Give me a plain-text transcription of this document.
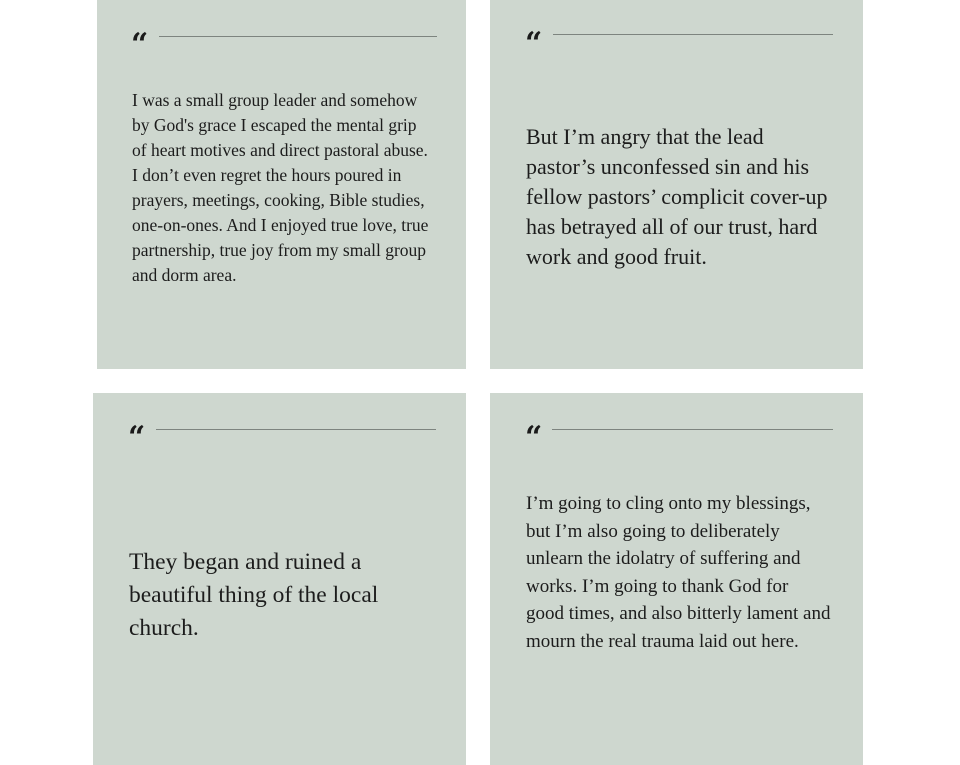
“

I was a small group leader and somehow by God's grace I escaped the mental grip of heart motives and direct pastoral abuse. I don’t even regret the hours poured in prayers, meetings, cooking, Bible studies, one-on-ones. And I enjoyed true love, true partnership, true joy from my small group and dorm area.

“

But I’m angry that the lead pastor’s unconfessed sin and his fellow pastors’ complicit cover-up has betrayed all of our trust, hard work and good fruit.

“

They began and ruined a beautiful thing of the local church.

“

I’m going to cling onto my blessings, but I’m also going to deliberately unlearn the idolatry of suffering and works. I’m going to thank God for good times, and also bitterly lament and mourn the real trauma laid out here.
